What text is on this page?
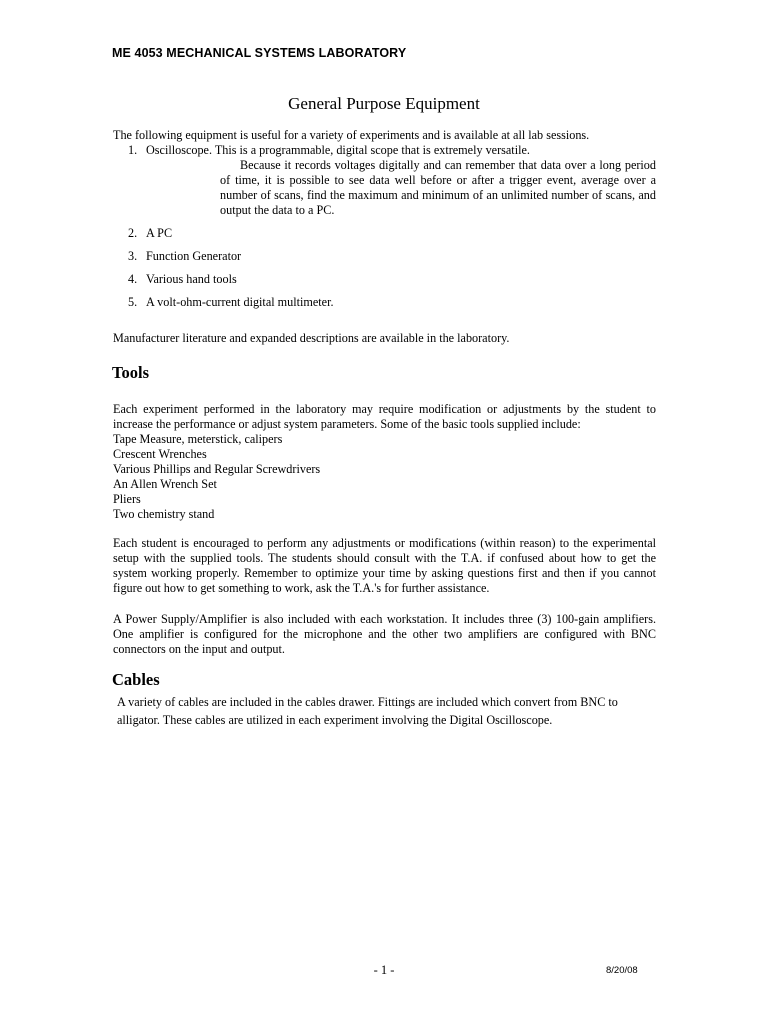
ME 4053 MECHANICAL SYSTEMS LABORATORY
General Purpose Equipment

The following equipment is useful for a variety of experiments and is available at all lab sessions.

1. Oscilloscope. This is a programmable, digital scope that is extremely versatile.
Because it records voltages digitally and can remember that data over a long period of time, it is possible to see data well before or after a trigger event, average over a number of scans, find the maximum and minimum of an unlimited number of scans, and output the data to a PC.
2. A PC
3. Function Generator
4. Various hand tools
5. A volt-ohm-current digital multimeter.

Manufacturer literature and expanded descriptions are available in the laboratory.

Tools

Each experiment performed in the laboratory may require modification or adjustments by the student to increase the performance or adjust system parameters. Some of the basic tools supplied include:

Tape Measure, meterstick, calipers
Crescent Wrenches
Various Phillips and Regular Screwdrivers
An Allen Wrench Set
Pliers
Two chemistry stand

Each student is encouraged to perform any adjustments or modifications (within reason) to the experimental setup with the supplied tools. The students should consult with the T.A. if confused about how to get the system working properly. Remember to optimize your time by asking questions first and then if you cannot figure out how to get something to work, ask the T.A.'s for further assistance.

A Power Supply/Amplifier is also included with each workstation. It includes three (3) 100-gain amplifiers. One amplifier is configured for the microphone and the other two amplifiers are configured with BNC connectors on the input and output.

Cables

A variety of cables are included in the cables drawer. Fittings are included which convert from BNC to alligator. These cables are utilized in each experiment involving the Digital Oscilloscope.

- 1 -	8/20/08
